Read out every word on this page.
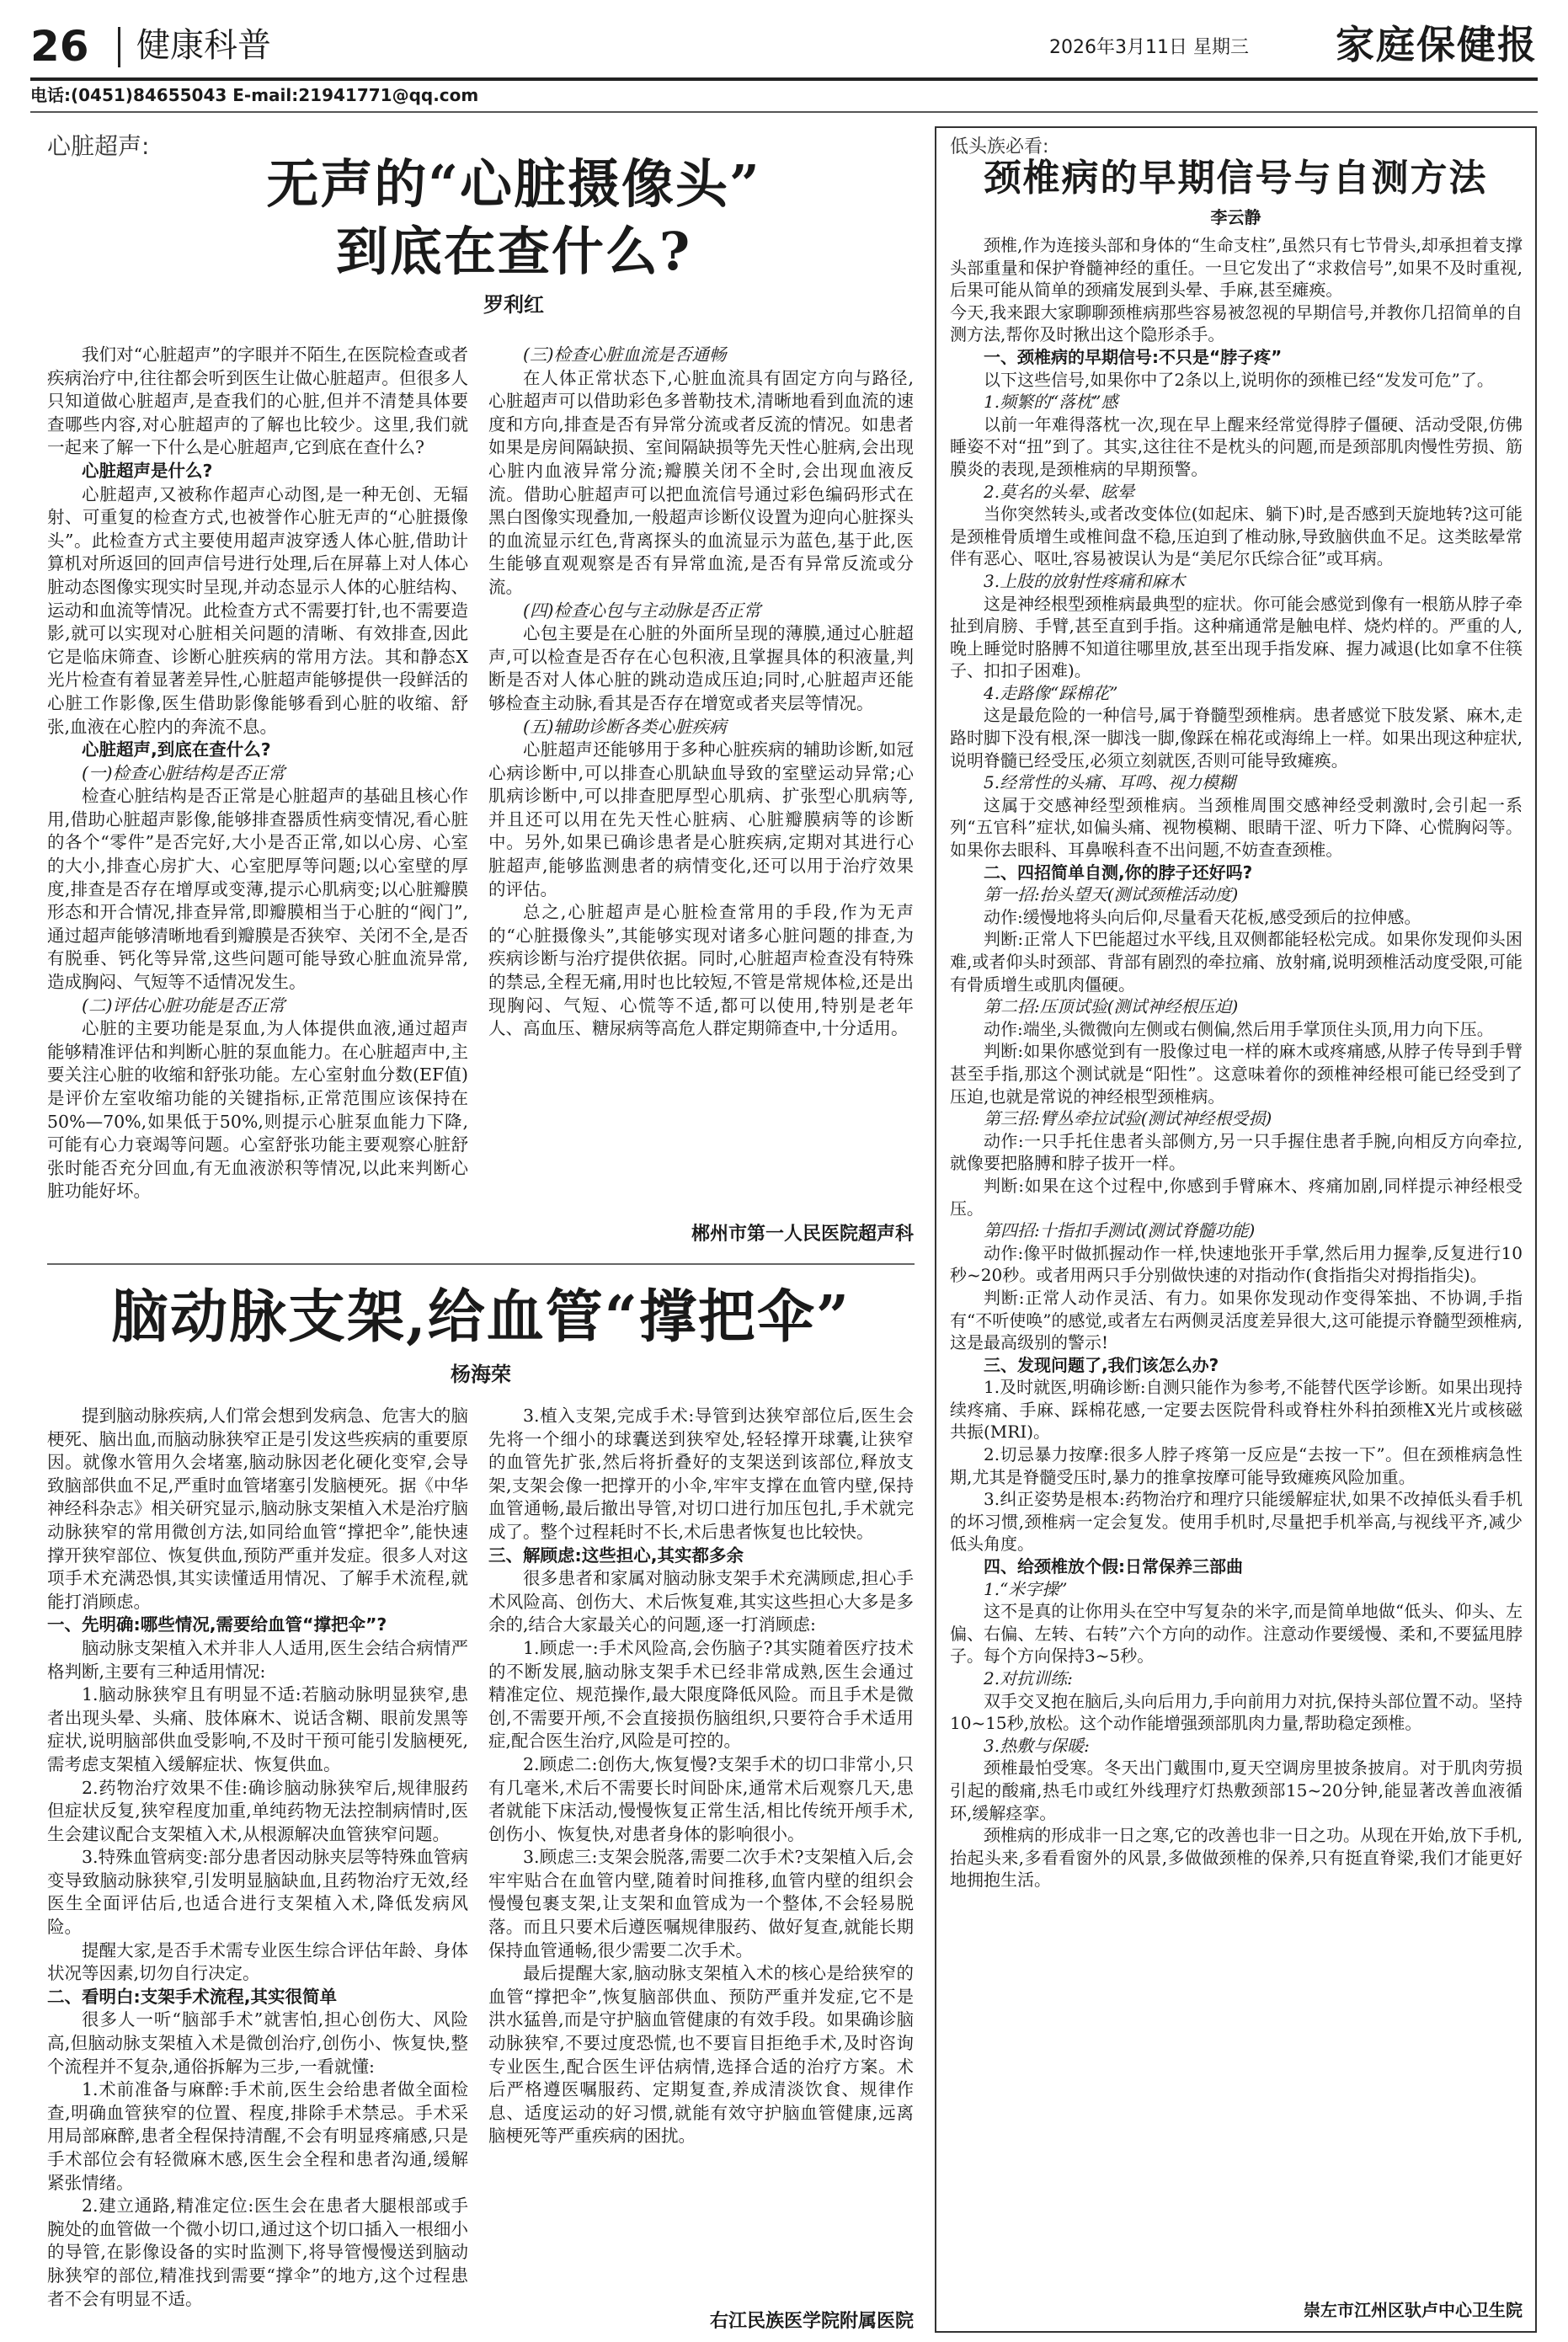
26 健康科普	2026年3月11日 星期三 家庭保健报
电话:(0451)84655043 E-mail:21941771@qq.com
心脏超声:
无声的“心脏摄像头”
到底在查什么?
罗利红

我们对“心脏超声”的字眼并不陌生,在医院检查或者疾病治疗中,往往都会听到医生让做心脏超声。但很多人只知道做心脏超声,是查我们的心脏,但并不清楚具体要查哪些内容,对心脏超声的了解也比较少。这里,我们就一起来了解一下什么是心脏超声,它到底在查什么?

心脏超声是什么?

心脏超声,又被称作超声心动图,是一种无创、无辐射、可重复的检查方式,也被誉作心脏无声的“心脏摄像头”。此检查方式主要使用超声波穿透人体心脏,借助计算机对所返回的回声信号进行处理,后在屏幕上对人体心脏动态图像实现实时呈现,并动态显示人体的心脏结构、运动和血流等情况。此检查方式不需要打针,也不需要造影,就可以实现对心脏相关问题的清晰、有效排查,因此它是临床筛查、诊断心脏疾病的常用方法。其和静态X光片检查有着显著差异性,心脏超声能够提供一段鲜活的心脏工作影像,医生借助影像能够看到心脏的收缩、舒张,血液在心腔内的奔流不息。

心脏超声,到底在查什么?

(一)检查心脏结构是否正常

检查心脏结构是否正常是心脏超声的基础且核心作用,借助心脏超声影像,能够排查器质性病变情况,看心脏的各个“零件”是否完好,大小是否正常,如以心房、心室的大小,排查心房扩大、心室肥厚等问题;以心室壁的厚度,排查是否存在增厚或变薄,提示心肌病变;以心脏瓣膜形态和开合情况,排查异常,即瓣膜相当于心脏的“阀门”,通过超声能够清晰地看到瓣膜是否狭窄、关闭不全,是否有脱垂、钙化等异常,这些问题可能导致心脏血流异常,造成胸闷、气短等不适情况发生。

(二)评估心脏功能是否正常

心脏的主要功能是泵血,为人体提供血液,通过超声能够精准评估和判断心脏的泵血能力。在心脏超声中,主要关注心脏的收缩和舒张功能。左心室射血分数(EF值)是评价左室收缩功能的关键指标,正常范围应该保持在50%—70%,如果低于50%,则提示心脏泵血能力下降,可能有心力衰竭等问题。心室舒张功能主要观察心脏舒张时能否充分回血,有无血液淤积等情况,以此来判断心脏功能好坏。

(三)检查心脏血流是否通畅

在人体正常状态下,心脏血流具有固定方向与路径,心脏超声可以借助彩色多普勒技术,清晰地看到血流的速度和方向,排查是否有异常分流或者反流的情况。如患者如果是房间隔缺损、室间隔缺损等先天性心脏病,会出现心脏内血液异常分流;瓣膜关闭不全时,会出现血液反流。借助心脏超声可以把血流信号通过彩色编码形式在黑白图像实现叠加,一般超声诊断仪设置为迎向心脏探头的血流显示红色,背离探头的血流显示为蓝色,基于此,医生能够直观观察是否有异常血流,是否有异常反流或分流。

(四)检查心包与主动脉是否正常

心包主要是在心脏的外面所呈现的薄膜,通过心脏超声,可以检查是否存在心包积液,且掌握具体的积液量,判断是否对人体心脏的跳动造成压迫;同时,心脏超声还能够检查主动脉,看其是否存在增宽或者夹层等情况。

(五)辅助诊断各类心脏疾病

心脏超声还能够用于多种心脏疾病的辅助诊断,如冠心病诊断中,可以排查心肌缺血导致的室壁运动异常;心肌病诊断中,可以排查肥厚型心肌病、扩张型心肌病等,并且还可以用在先天性心脏病、心脏瓣膜病等的诊断中。另外,如果已确诊患者是心脏疾病,定期对其进行心脏超声,能够监测患者的病情变化,还可以用于治疗效果的评估。

总之,心脏超声是心脏检查常用的手段,作为无声的“心脏摄像头”,其能够实现对诸多心脏问题的排查,为疾病诊断与治疗提供依据。同时,心脏超声检查没有特殊的禁忌,全程无痛,用时也比较短,不管是常规体检,还是出现胸闷、气短、心慌等不适,都可以使用,特别是老年人、高血压、糖尿病等高危人群定期筛查中,十分适用。

郴州市第一人民医院超声科
脑动脉支架,给血管“撑把伞”
杨海荣

提到脑动脉疾病,人们常会想到发病急、危害大的脑梗死、脑出血,而脑动脉狭窄正是引发这些疾病的重要原因。就像水管用久会堵塞,脑动脉因老化硬化变窄,会导致脑部供血不足,严重时血管堵塞引发脑梗死。据《中华神经科杂志》相关研究显示,脑动脉支架植入术是治疗脑动脉狭窄的常用微创方法,如同给血管“撑把伞”,能快速撑开狭窄部位、恢复供血,预防严重并发症。很多人对这项手术充满恐惧,其实读懂适用情况、了解手术流程,就能打消顾虑。

一、先明确:哪些情况,需要给血管“撑把伞”?

脑动脉支架植入术并非人人适用,医生会结合病情严格判断,主要有三种适用情况:

1.脑动脉狭窄且有明显不适:若脑动脉明显狭窄,患者出现头晕、头痛、肢体麻木、说话含糊、眼前发黑等症状,说明脑部供血受影响,不及时干预可能引发脑梗死,需考虑支架植入缓解症状、恢复供血。

2.药物治疗效果不佳:确诊脑动脉狭窄后,规律服药但症状反复,狭窄程度加重,单纯药物无法控制病情时,医生会建议配合支架植入术,从根源解决血管狭窄问题。

3.特殊血管病变:部分患者因动脉夹层等特殊血管病变导致脑动脉狭窄,引发明显脑缺血,且药物治疗无效,经医生全面评估后,也适合进行支架植入术,降低发病风险。

提醒大家,是否手术需专业医生综合评估年龄、身体状况等因素,切勿自行决定。

二、看明白:支架手术流程,其实很简单

很多人一听“脑部手术”就害怕,担心创伤大、风险高,但脑动脉支架植入术是微创治疗,创伤小、恢复快,整个流程并不复杂,通俗拆解为三步,一看就懂:

1.术前准备与麻醉:手术前,医生会给患者做全面检查,明确血管狭窄的位置、程度,排除手术禁忌。手术采用局部麻醉,患者全程保持清醒,不会有明显疼痛感,只是手术部位会有轻微麻木感,医生会全程和患者沟通,缓解紧张情绪。

2.建立通路,精准定位:医生会在患者大腿根部或手腕处的血管做一个微小切口,通过这个切口插入一根细小的导管,在影像设备的实时监测下,将导管慢慢送到脑动脉狭窄的部位,精准找到需要“撑伞”的地方,这个过程患者不会有明显不适。

3.植入支架,完成手术:导管到达狭窄部位后,医生会先将一个细小的球囊送到狭窄处,轻轻撑开球囊,让狭窄的血管先扩张,然后将折叠好的支架送到该部位,释放支架,支架会像一把撑开的小伞,牢牢支撑在血管内壁,保持血管通畅,最后撤出导管,对切口进行加压包扎,手术就完成了。整个过程耗时不长,术后患者恢复也比较快。

三、解顾虑:这些担心,其实都多余

很多患者和家属对脑动脉支架手术充满顾虑,担心手术风险高、创伤大、术后恢复难,其实这些担心大多是多余的,结合大家最关心的问题,逐一打消顾虑:

1.顾虑一:手术风险高,会伤脑子?其实随着医疗技术的不断发展,脑动脉支架手术已经非常成熟,医生会通过精准定位、规范操作,最大限度降低风险。而且手术是微创,不需要开颅,不会直接损伤脑组织,只要符合手术适用症,配合医生治疗,风险是可控的。

2.顾虑二:创伤大,恢复慢?支架手术的切口非常小,只有几毫米,术后不需要长时间卧床,通常术后观察几天,患者就能下床活动,慢慢恢复正常生活,相比传统开颅手术,创伤小、恢复快,对患者身体的影响很小。

3.顾虑三:支架会脱落,需要二次手术?支架植入后,会牢牢贴合在血管内壁,随着时间推移,血管内壁的组织会慢慢包裹支架,让支架和血管成为一个整体,不会轻易脱落。而且只要术后遵医嘱规律服药、做好复查,就能长期保持血管通畅,很少需要二次手术。

最后提醒大家,脑动脉支架植入术的核心是给狭窄的血管“撑把伞”,恢复脑部供血、预防严重并发症,它不是洪水猛兽,而是守护脑血管健康的有效手段。如果确诊脑动脉狭窄,不要过度恐慌,也不要盲目拒绝手术,及时咨询专业医生,配合医生评估病情,选择合适的治疗方案。术后严格遵医嘱服药、定期复查,养成清淡饮食、规律作息、适度运动的好习惯,就能有效守护脑血管健康,远离脑梗死等严重疾病的困扰。

右江民族医学院附属医院
低头族必看:
颈椎病的早期信号与自测方法
李云静

颈椎,作为连接头部和身体的“生命支柱”,虽然只有七节骨头,却承担着支撑头部重量和保护脊髓神经的重任。一旦它发出了“求救信号”,如果不及时重视,后果可能从简单的颈痛发展到头晕、手麻,甚至瘫痪。

今天,我来跟大家聊聊颈椎病那些容易被忽视的早期信号,并教你几招简单的自测方法,帮你及时揪出这个隐形杀手。

一、颈椎病的早期信号:不只是“脖子疼”

以下这些信号,如果你中了2条以上,说明你的颈椎已经“发发可危”了。

1.频繁的“落枕”感

以前一年难得落枕一次,现在早上醒来经常觉得脖子僵硬、活动受限,仿佛睡姿不对“扭”到了。其实,这往往不是枕头的问题,而是颈部肌肉慢性劳损、筋膜炎的表现,是颈椎病的早期预警。

2.莫名的头晕、眩晕

当你突然转头,或者改变体位(如起床、躺下)时,是否感到天旋地转?这可能是颈椎骨质增生或椎间盘不稳,压迫到了椎动脉,导致脑供血不足。这类眩晕常伴有恶心、呕吐,容易被误认为是“美尼尔氏综合征”或耳病。

3.上肢的放射性疼痛和麻木

这是神经根型颈椎病最典型的症状。你可能会感觉到像有一根筋从脖子牵扯到肩膀、手臂,甚至直到手指。这种痛通常是触电样、烧灼样的。严重的人,晚上睡觉时胳膊不知道往哪里放,甚至出现手指发麻、握力减退(比如拿不住筷子、扣扣子困难)。

4.走路像“踩棉花”

这是最危险的一种信号,属于脊髓型颈椎病。患者感觉下肢发紧、麻木,走路时脚下没有根,深一脚浅一脚,像踩在棉花或海绵上一样。如果出现这种症状,说明脊髓已经受压,必须立刻就医,否则可能导致瘫痪。

5.经常性的头痛、耳鸣、视力模糊

这属于交感神经型颈椎病。当颈椎周围交感神经受刺激时,会引起一系列“五官科”症状,如偏头痛、视物模糊、眼睛干涩、听力下降、心慌胸闷等。如果你去眼科、耳鼻喉科查不出问题,不妨查查颈椎。

二、四招简单自测,你的脖子还好吗?

第一招:抬头望天(测试颈椎活动度)

动作:缓慢地将头向后仰,尽量看天花板,感受颈后的拉伸感。

判断:正常人下巴能超过水平线,且双侧都能轻松完成。如果你发现仰头困难,或者仰头时颈部、背部有剧烈的牵拉痛、放射痛,说明颈椎活动度受限,可能有骨质增生或肌肉僵硬。

第二招:压顶试验(测试神经根压迫)

动作:端坐,头微微向左侧或右侧偏,然后用手掌顶住头顶,用力向下压。

判断:如果你感觉到有一股像过电一样的麻木或疼痛感,从脖子传导到手臂甚至手指,那这个测试就是“阳性”。这意味着你的颈椎神经根可能已经受到了压迫,也就是常说的神经根型颈椎病。

第三招:臂丛牵拉试验(测试神经根受损)

动作:一只手托住患者头部侧方,另一只手握住患者手腕,向相反方向牵拉,就像要把胳膊和脖子拔开一样。

判断:如果在这个过程中,你感到手臂麻木、疼痛加剧,同样提示神经根受压。

第四招:十指扣手测试(测试脊髓功能)

动作:像平时做抓握动作一样,快速地张开手掌,然后用力握拳,反复进行10秒~20秒。或者用两只手分别做快速的对指动作(食指指尖对拇指指尖)。

判断:正常人动作灵活、有力。如果你发现动作变得笨拙、不协调,手指有“不听使唤”的感觉,或者左右两侧灵活度差异很大,这可能提示脊髓型颈椎病,这是最高级别的警示!

三、发现问题了,我们该怎么办?

1.及时就医,明确诊断:自测只能作为参考,不能替代医学诊断。如果出现持续疼痛、手麻、踩棉花感,一定要去医院骨科或脊柱外科拍颈椎X光片或核磁共振(MRI)。

2.切忌暴力按摩:很多人脖子疼第一反应是“去按一下”。但在颈椎病急性期,尤其是脊髓受压时,暴力的推拿按摩可能导致瘫痪风险加重。

3.纠正姿势是根本:药物治疗和理疗只能缓解症状,如果不改掉低头看手机的坏习惯,颈椎病一定会复发。使用手机时,尽量把手机举高,与视线平齐,减少低头角度。

四、给颈椎放个假:日常保养三部曲

1.“米字操”

这不是真的让你用头在空中写复杂的米字,而是简单地做“低头、仰头、左偏、右偏、左转、右转”六个方向的动作。注意动作要缓慢、柔和,不要猛甩脖子。每个方向保持3~5秒。

2.对抗训练:

双手交叉抱在脑后,头向后用力,手向前用力对抗,保持头部位置不动。坚持10~15秒,放松。这个动作能增强颈部肌肉力量,帮助稳定颈椎。

3.热敷与保暖:

颈椎最怕受寒。冬天出门戴围巾,夏天空调房里披条披肩。对于肌肉劳损引起的酸痛,热毛巾或红外线理疗灯热敷颈部15~20分钟,能显著改善血液循环,缓解痉挛。

颈椎病的形成非一日之寒,它的改善也非一日之功。从现在开始,放下手机,抬起头来,多看看窗外的风景,多做做颈椎的保养,只有挺直脊梁,我们才能更好地拥抱生活。

崇左市江州区驮卢中心卫生院
